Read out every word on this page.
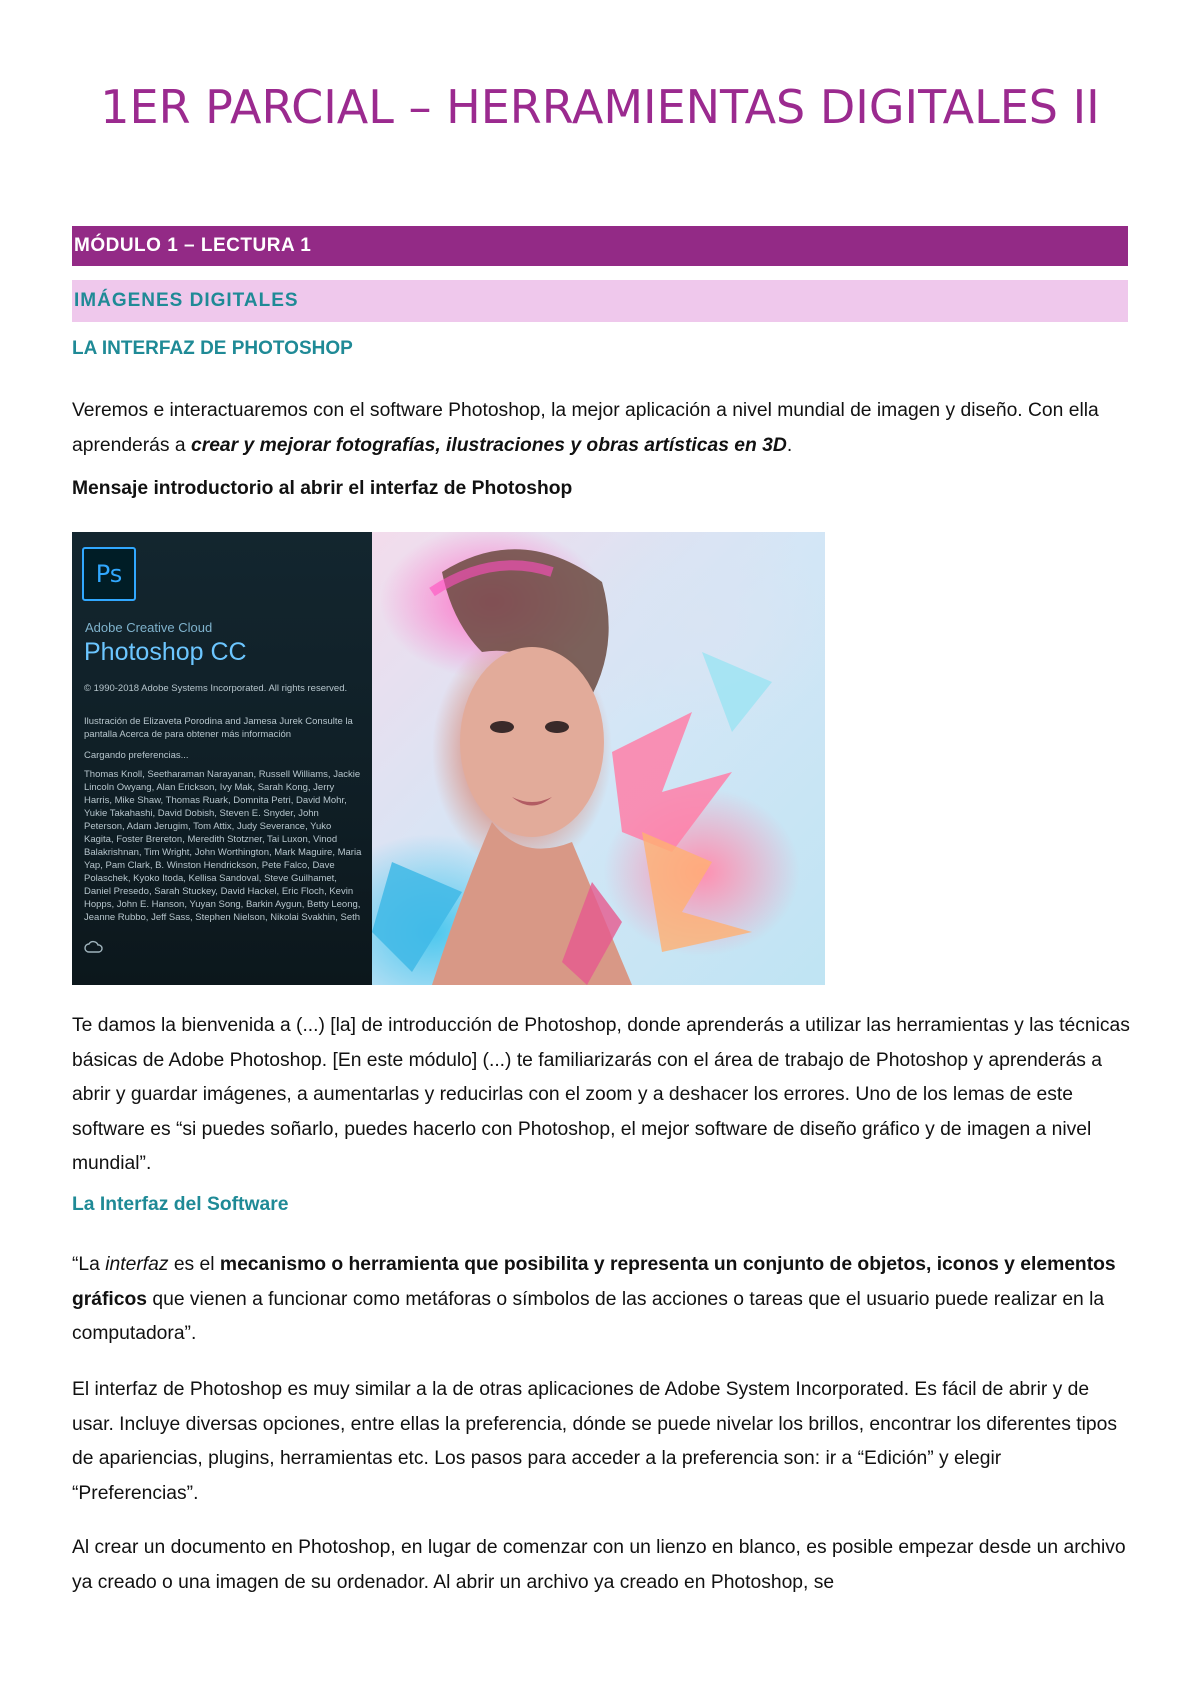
1ER PARCIAL – HERRAMIENTAS DIGITALES II
MÓDULO 1 – LECTURA 1
IMÁGENES DIGITALES
LA INTERFAZ DE PHOTOSHOP

Veremos e interactuaremos con el software Photoshop, la mejor aplicación a nivel mundial de imagen y diseño. Con ella aprenderás a crear y mejorar fotografías, ilustraciones y obras artísticas en 3D.

Mensaje introductorio al abrir el interfaz de Photoshop

Ps
Adobe Creative Cloud
Photoshop CC
© 1990-2018 Adobe Systems Incorporated. All rights reserved.
Ilustración de Elizaveta Porodina and Jamesa Jurek Consulte la pantalla Acerca de para obtener más información
Cargando preferencias...
Thomas Knoll, Seetharaman Narayanan, Russell Williams, Jackie Lincoln Owyang, Alan Erickson, Ivy Mak, Sarah Kong, Jerry Harris, Mike Shaw, Thomas Ruark, Domnita Petri, David Mohr, Yukie Takahashi, David Dobish, Steven E. Snyder, John Peterson, Adam Jerugim, Tom Attix, Judy Severance, Yuko Kagita, Foster Brereton, Meredith Stotzner, Tai Luxon, Vinod Balakrishnan, Tim Wright, John Worthington, Mark Maguire, Maria Yap, Pam Clark, B. Winston Hendrickson, Pete Falco, Dave Polaschek, Kyoko Itoda, Kellisa Sandoval, Steve Guilhamet, Daniel Presedo, Sarah Stuckey, David Hackel, Eric Floch, Kevin Hopps, John E. Hanson, Yuyan Song, Barkin Aygun, Betty Leong, Jeanne Rubbo, Jeff Sass, Stephen Nielson, Nikolai Svakhin, Seth

Te damos la bienvenida a (...) [la] de introducción de Photoshop, donde aprenderás a utilizar las herramientas y las técnicas básicas de Adobe Photoshop. [En este módulo] (...) te familiarizarás con el área de trabajo de Photoshop y aprenderás a abrir y guardar imágenes, a aumentarlas y reducirlas con el zoom y a deshacer los errores. Uno de los lemas de este software es “si puedes soñarlo, puedes hacerlo con Photoshop, el mejor software de diseño gráfico y de imagen a nivel mundial”.

La Interfaz del Software

“La interfaz es el mecanismo o herramienta que posibilita y representa un conjunto de objetos, iconos y elementos gráficos que vienen a funcionar como metáforas o símbolos de las acciones o tareas que el usuario puede realizar en la computadora”.

El interfaz de Photoshop es muy similar a la de otras aplicaciones de Adobe System Incorporated. Es fácil de abrir y de usar. Incluye diversas opciones, entre ellas la preferencia, dónde se puede nivelar los brillos, encontrar los diferentes tipos de apariencias, plugins, herramientas etc. Los pasos para acceder a la preferencia son: ir a “Edición” y elegir “Preferencias”.

Al crear un documento en Photoshop, en lugar de comenzar con un lienzo en blanco, es posible empezar desde un archivo ya creado o una imagen de su ordenador. Al abrir un archivo ya creado en Photoshop, se
